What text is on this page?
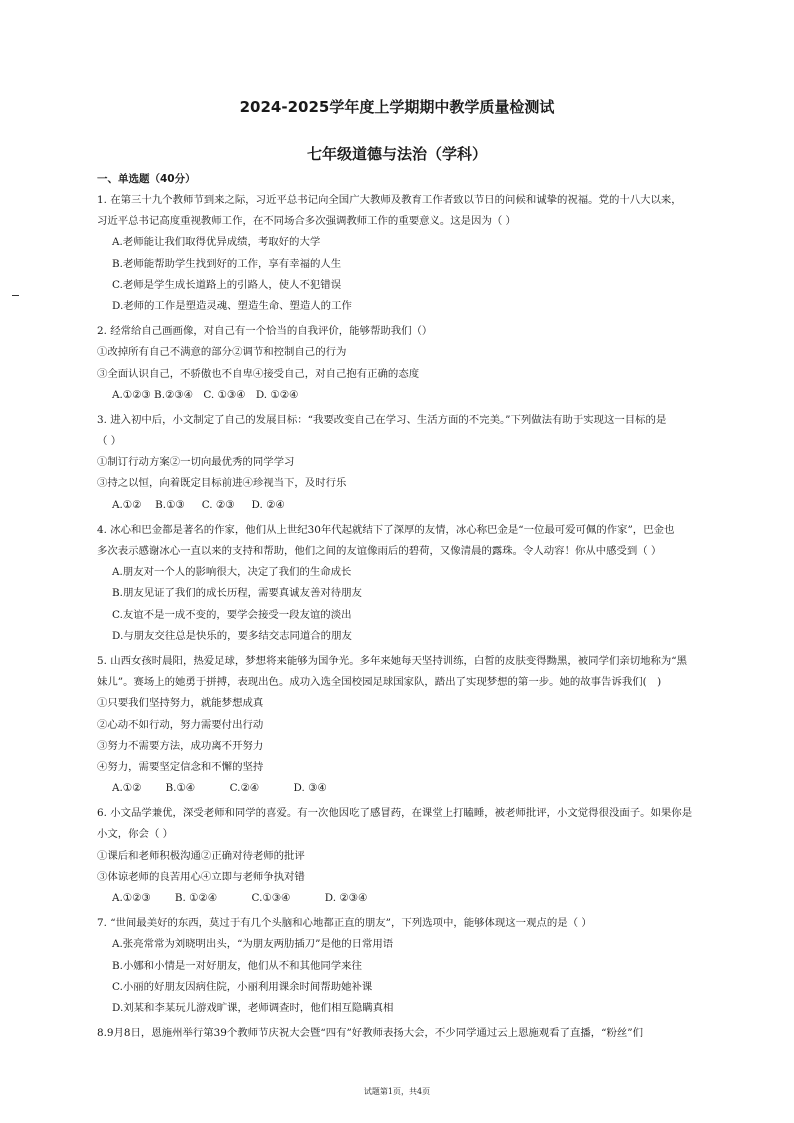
2024-2025学年度上学期期中教学质量检测试
七年级道德与法治（学科）
一、单选题（40分）
1. 在第三十九个教师节到来之际，习近平总书记向全国广大教师及教育工作者致以节日的问候和诚挚的祝福。党的十八大以来，
习近平总书记高度重视教师工作，在不同场合多次强调教师工作的重要意义。这是因为（ ）
A.老师能让我们取得优异成绩，考取好的大学
B.老师能帮助学生找到好的工作，享有幸福的人生
C.老师是学生成长道路上的引路人，使人不犯错误
D.老师的工作是塑造灵魂、塑造生命、塑造人的工作
2. 经常给自己画画像，对自己有一个恰当的自我评价，能够帮助我们（）
①改掉所有自己不满意的部分②调节和控制自己的行为
③全面认识自己，不骄傲也不自卑④接受自己，对自己抱有正确的态度
A.①②③ B.②③④　C. ①③④　D. ①②④
3. 进入初中后，小文制定了自己的发展目标：“我要改变自己在学习、生活方面的不完美。”下列做法有助于实现这一目标的是
（ ）
①制订行动方案②一切向最优秀的同学学习
③持之以恒，向着既定目标前进④珍视当下，及时行乐
A.①② 　B.①③ 　 C. ②③ 　 D. ②④
4. 冰心和巴金都是著名的作家，他们从上世纪30年代起就结下了深厚的友情，冰心称巴金是“一位最可爱可佩的作家”，巴金也
多次表示感谢冰心一直以来的支持和帮助，他们之间的友谊像雨后的碧荷，又像清晨的露珠。令人动容！你从中感受到（ ）
A.朋友对一个人的影响很大，决定了我们的生命成长
B.朋友见证了我们的成长历程，需要真诚友善对待朋友
C.友谊不是一成不变的，要学会接受一段友谊的淡出
D.与朋友交往总是快乐的，要多结交志同道合的朋友
5. 山西女孩时晨阳，热爱足球，梦想将来能够为国争光。多年来她每天坚持训练，白皙的皮肤变得黝黑，被同学们亲切地称为“黑
妹儿”。赛场上的她勇于拼搏，表现出色。成功入选全国校园足球国家队，踏出了实现梦想的第一步。她的故事告诉我们(　)
①只要我们坚持努力，就能梦想成真
②心动不如行动，努力需要付出行动
③努力不需要方法，成功离不开努力
④努力，需要坚定信念和不懈的坚持
A.①② 　　B.①④ 　　　C.②④ 　　　D. ③④
6. 小文品学兼优，深受老师和同学的喜爱。有一次他因吃了感冒药，在课堂上打瞌睡，被老师批评，小文觉得很没面子。如果你是
小文，你会（ ）
①课后和老师积极沟通②正确对待老师的批评
③体谅老师的良苦用心④立即与老师争执对错
A.①②③ 　　B. ①②④ 　　　C.①③④ 　　　D. ②③④
7. “世间最美好的东西，莫过于有几个头脑和心地都正直的朋友”，下列选项中，能够体现这一观点的是（ ）
A.张亮常常为刘晓明出头，“为朋友两肋插刀”是他的日常用语
B.小娜和小情是一对好朋友，他们从不和其他同学来往
C.小丽的好朋友因病住院，小丽利用课余时间帮助她补课
D.刘某和李某玩儿游戏旷课，老师调查时，他们相互隐瞒真相
8.9月8日，恩施州举行第39个教师节庆祝大会暨“四有”好教师表扬大会，不少同学通过云上恩施观看了直播，“粉丝”们
试题第1页，共4页
